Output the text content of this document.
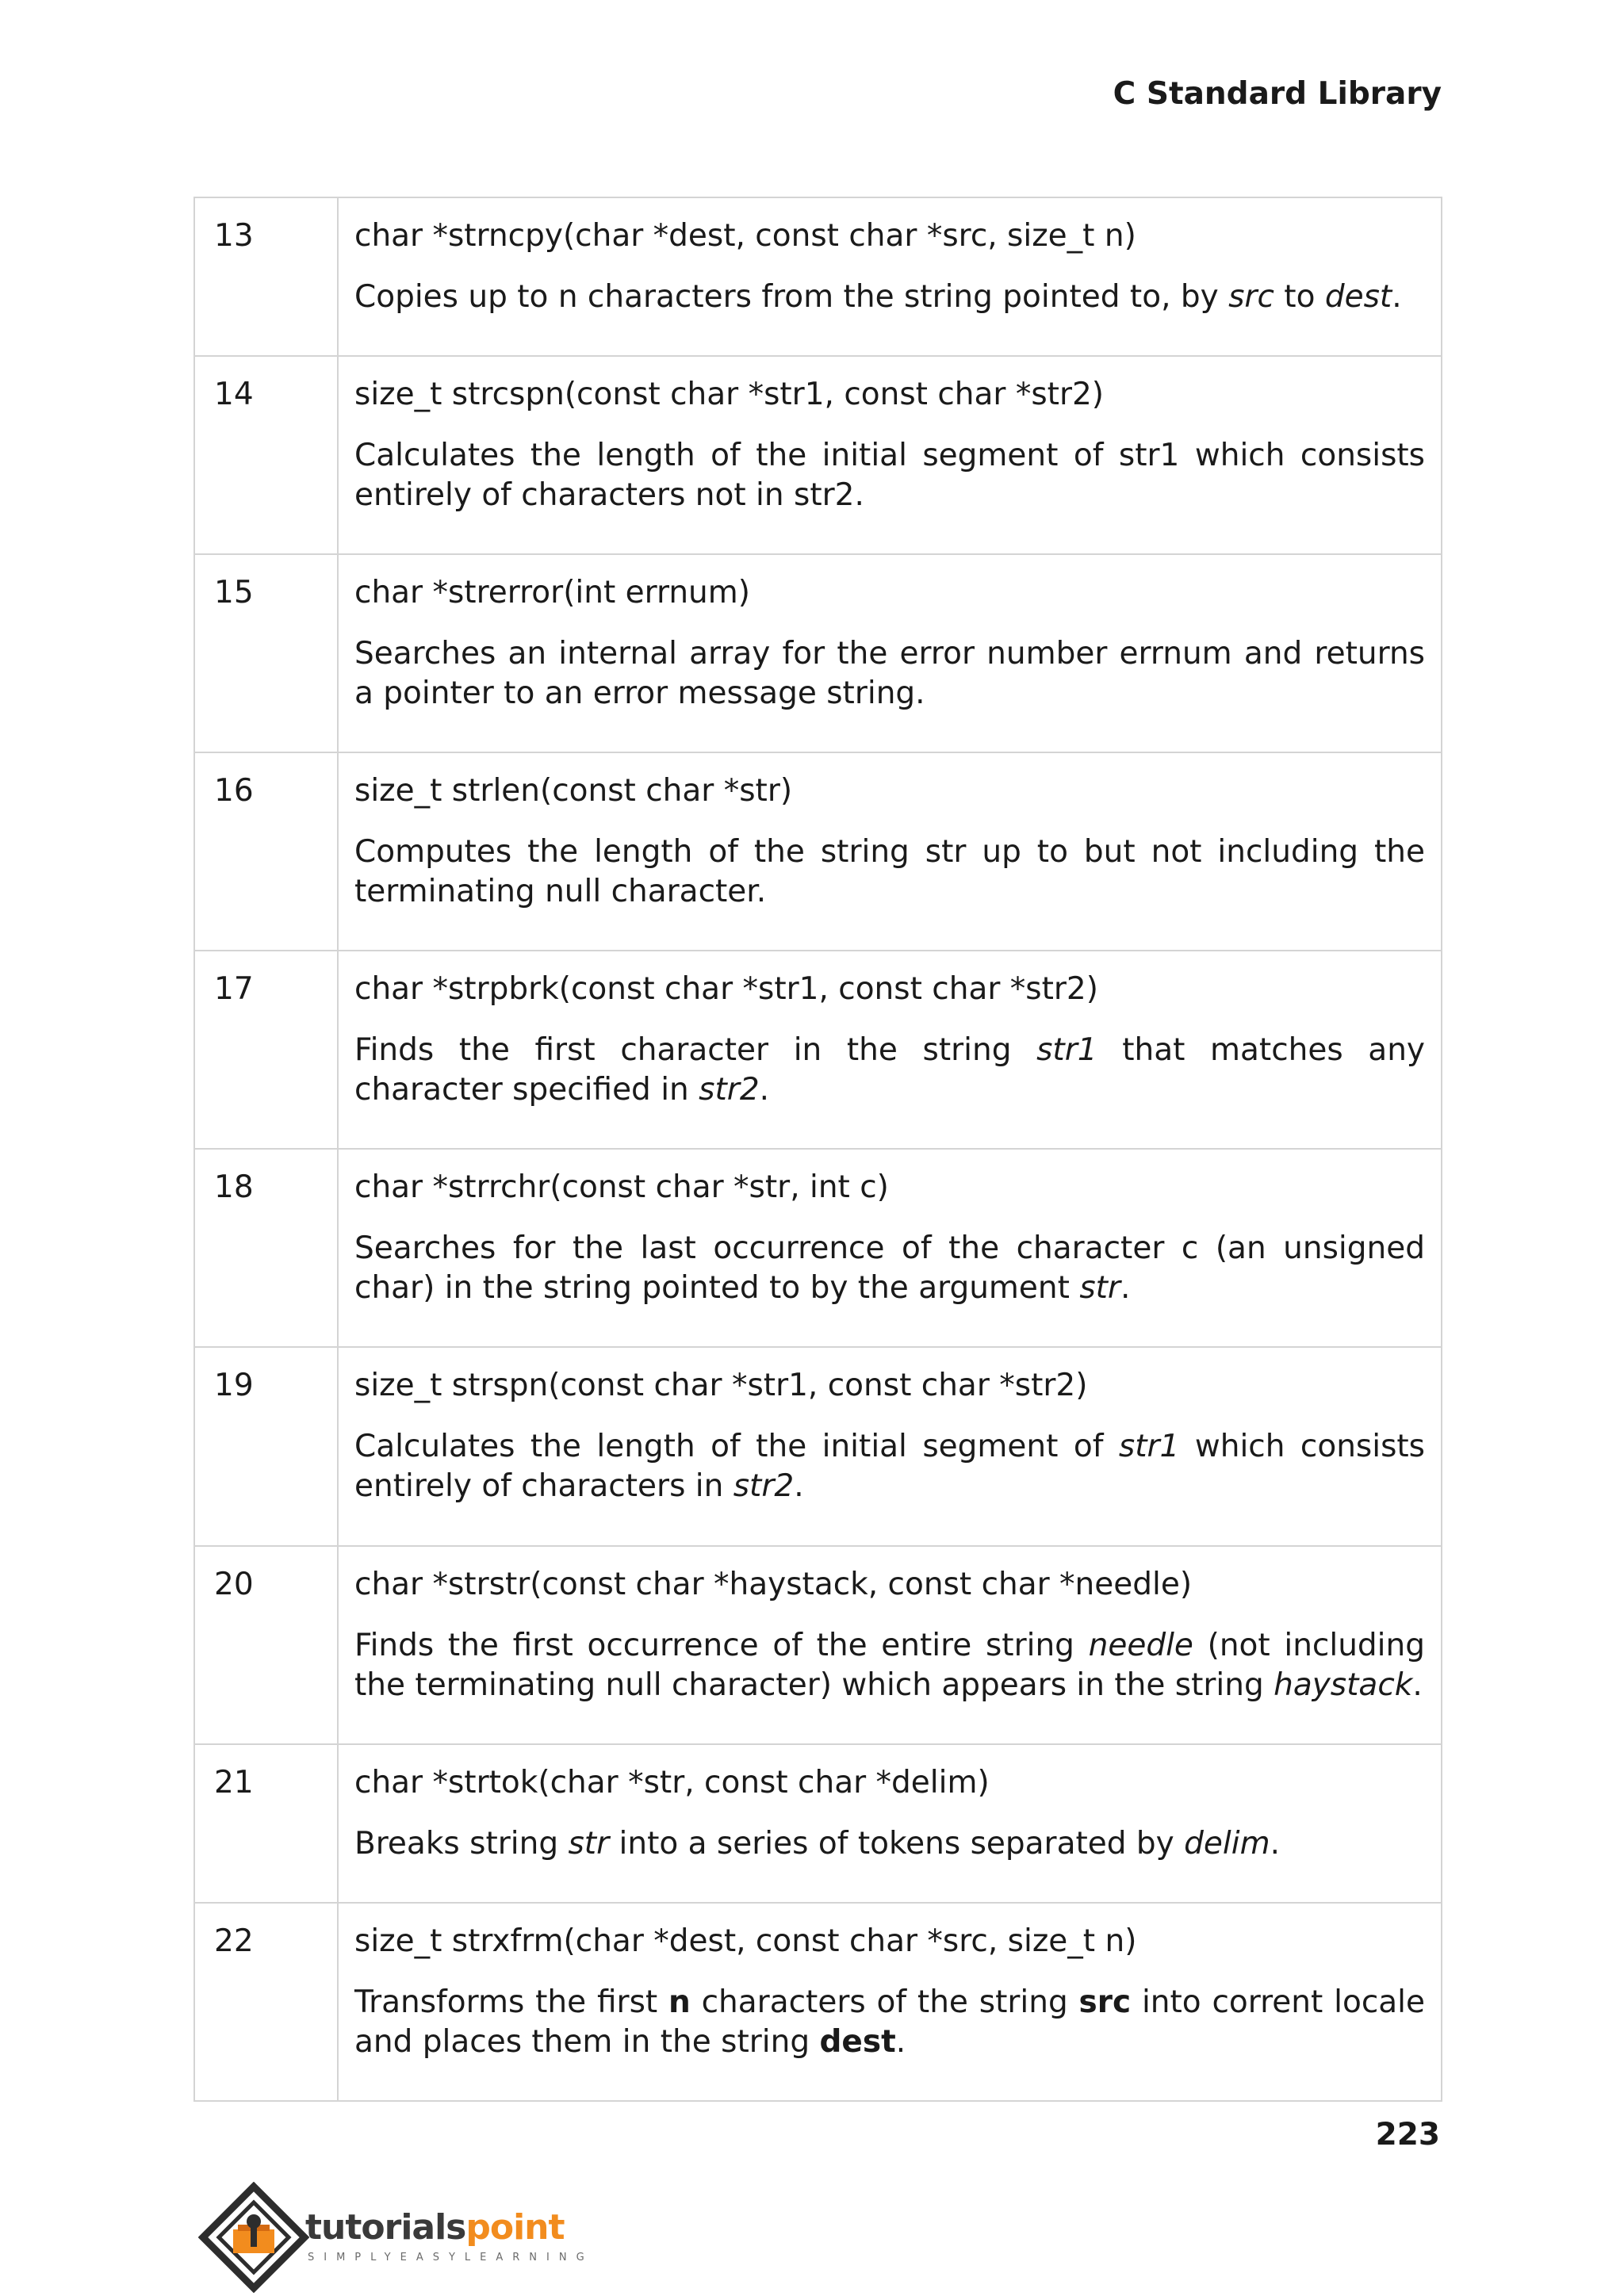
C Standard Library
13	char *strncpy(char *dest, const char *src, size_t n)
Copies up to n characters from the string pointed to, by src to dest.

14	size_t strcspn(const char *str1, const char *str2)
Calculates the length of the initial segment of str1 which consists entirely of characters not in str2.

15	char *strerror(int errnum)
Searches an internal array for the error number errnum and returns a pointer to an error message string.

16	size_t strlen(const char *str)
Computes the length of the string str up to but not including the terminating null character.

17	char *strpbrk(const char *str1, const char *str2)
Finds the first character in the string str1 that matches any character specified in str2.

18	char *strrchr(const char *str, int c)
Searches for the last occurrence of the character c (an unsigned char) in the string pointed to by the argument str.

19	size_t strspn(const char *str1, const char *str2)
Calculates the length of the initial segment of str1 which consists entirely of characters in str2.

20	char *strstr(const char *haystack, const char *needle)
Finds the first occurrence of the entire string needle (not including the terminating null character) which appears in the string haystack.

21	char *strtok(char *str, const char *delim)
Breaks string str into a series of tokens separated by delim.

22	size_t strxfrm(char *dest, const char *src, size_t n)
Transforms the first n characters of the string src into corrent locale and places them in the string dest.
223
tutorialspoint
SIMPLYEASYLEARNING
